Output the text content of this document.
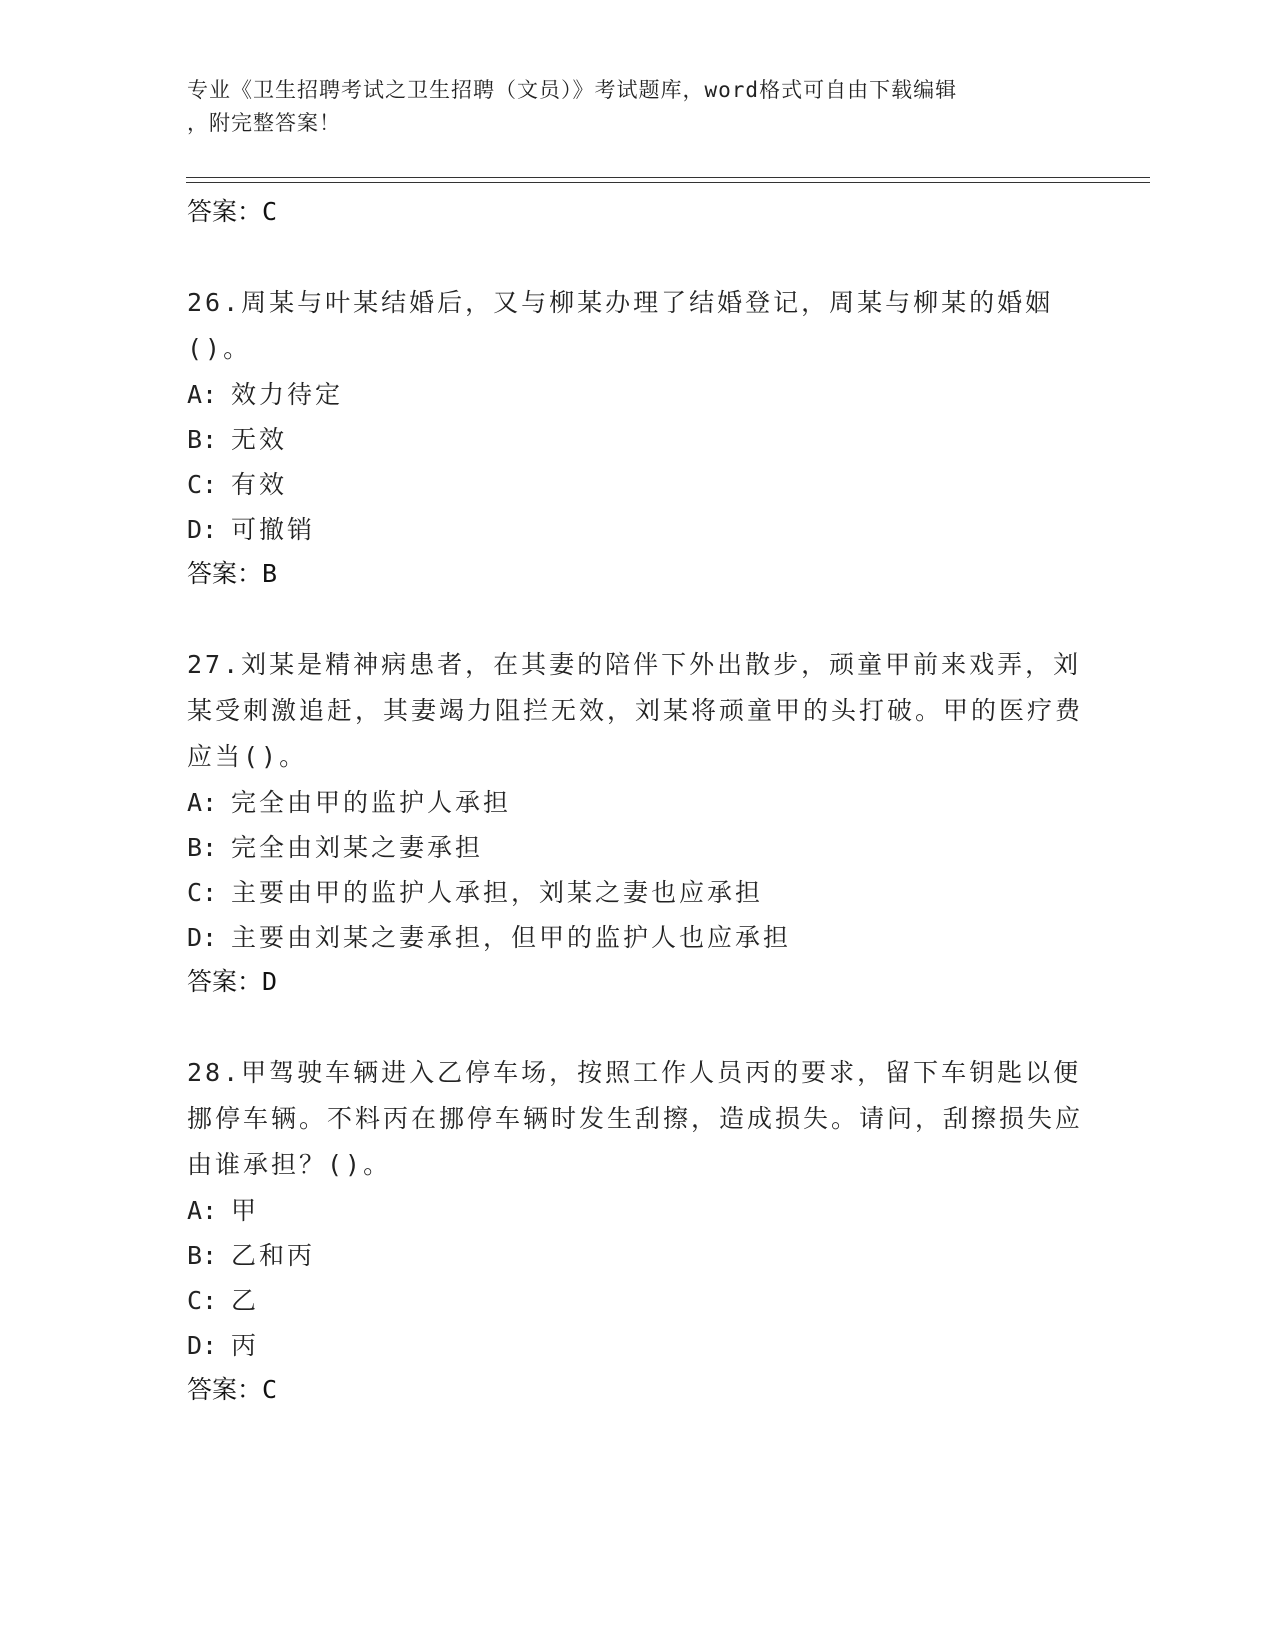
专业《卫生招聘考试之卫生招聘（文员）》考试题库，word格式可自由下载编辑
，附完整答案！
答案：C
26.周某与叶某结婚后，又与柳某办理了结婚登记，周某与柳某的婚姻()。
A: 效力待定
B: 无效
C: 有效
D: 可撤销
答案：B
27.刘某是精神病患者，在其妻的陪伴下外出散步，顽童甲前来戏弄，刘某受刺激追赶，其妻竭力阻拦无效，刘某将顽童甲的头打破。甲的医疗费应当()。
A: 完全由甲的监护人承担
B: 完全由刘某之妻承担
C: 主要由甲的监护人承担，刘某之妻也应承担
D: 主要由刘某之妻承担，但甲的监护人也应承担
答案：D
28.甲驾驶车辆进入乙停车场，按照工作人员丙的要求，留下车钥匙以便挪停车辆。不料丙在挪停车辆时发生刮擦，造成损失。请问，刮擦损失应由谁承担？()。
A: 甲
B: 乙和丙
C: 乙
D: 丙
答案：C
